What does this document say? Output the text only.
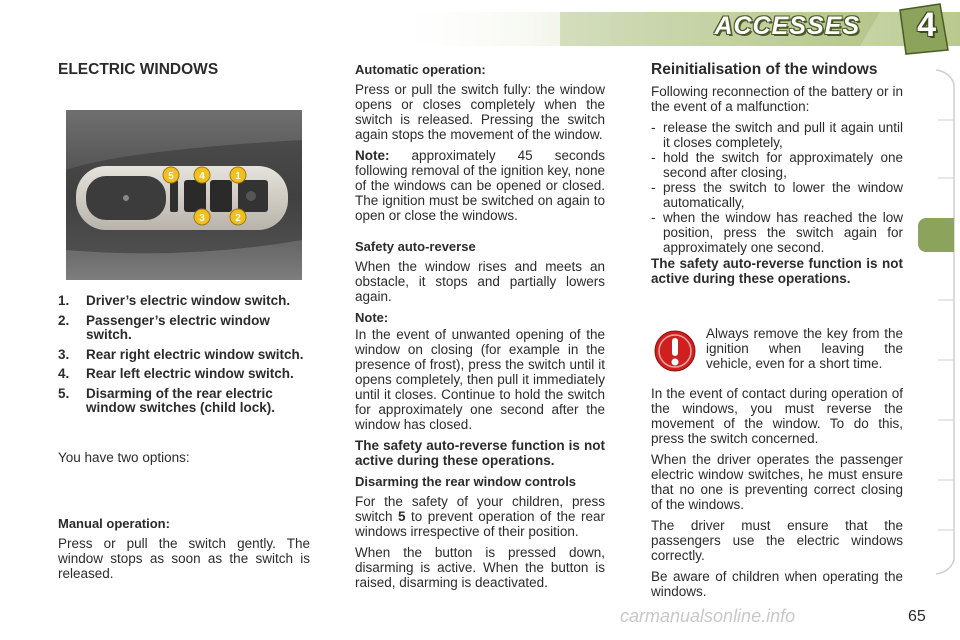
ACCESSES 4
ELECTRIC WINDOWS
5	4	1
3	2
1.	Driver’s electric window switch.
2.	Passenger’s electric window switch.
3.	Rear right electric window switch.
4.	Rear left electric window switch.
5.	Disarming of the rear electric window switches (child lock).

You have two options:

Manual operation:

Press or pull the switch gently. The window stops as soon as the switch is released.

Automatic operation:

Press or pull the switch fully: the window opens or closes completely when the switch is released. Pressing the switch again stops the movement of the window.

Note: approximately 45 seconds following removal of the ignition key, none of the windows can be opened or closed. The ignition must be switched on again to open or close the windows.

Safety auto-reverse

When the window rises and meets an obstacle, it stops and partially lowers again.

Note:

In the event of unwanted opening of the window on closing (for example in the presence of frost), press the switch until it opens completely, then pull it immediately until it closes. Continue to hold the switch for approximately one second after the window has closed.

The safety auto-reverse function is not active during these operations.

Disarming the rear window controls

For the safety of your children, press switch 5 to prevent operation of the rear windows irrespective of their position.

When the button is pressed down, disarming is active. When the button is raised, disarming is deactivated.

Reinitialisation of the windows

Following reconnection of the battery or in the event of a malfunction:

- release the switch and pull it again until it closes completely,
- hold the switch for approximately one second after closing,
- press the switch to lower the window automatically,
- when the window has reached the low position, press the switch again for approximately one second.

The safety auto-reverse function is not active during these operations.

Always remove the key from the ignition when leaving the vehicle, even for a short time.

In the event of contact during operation of the windows, you must reverse the movement of the window. To do this, press the switch concerned.

When the driver operates the passenger electric window switches, he must ensure that no one is preventing correct closing of the windows.

The driver must ensure that the passengers use the electric windows correctly.

Be aware of children when operating the windows.

carmanualsonline.info	65
